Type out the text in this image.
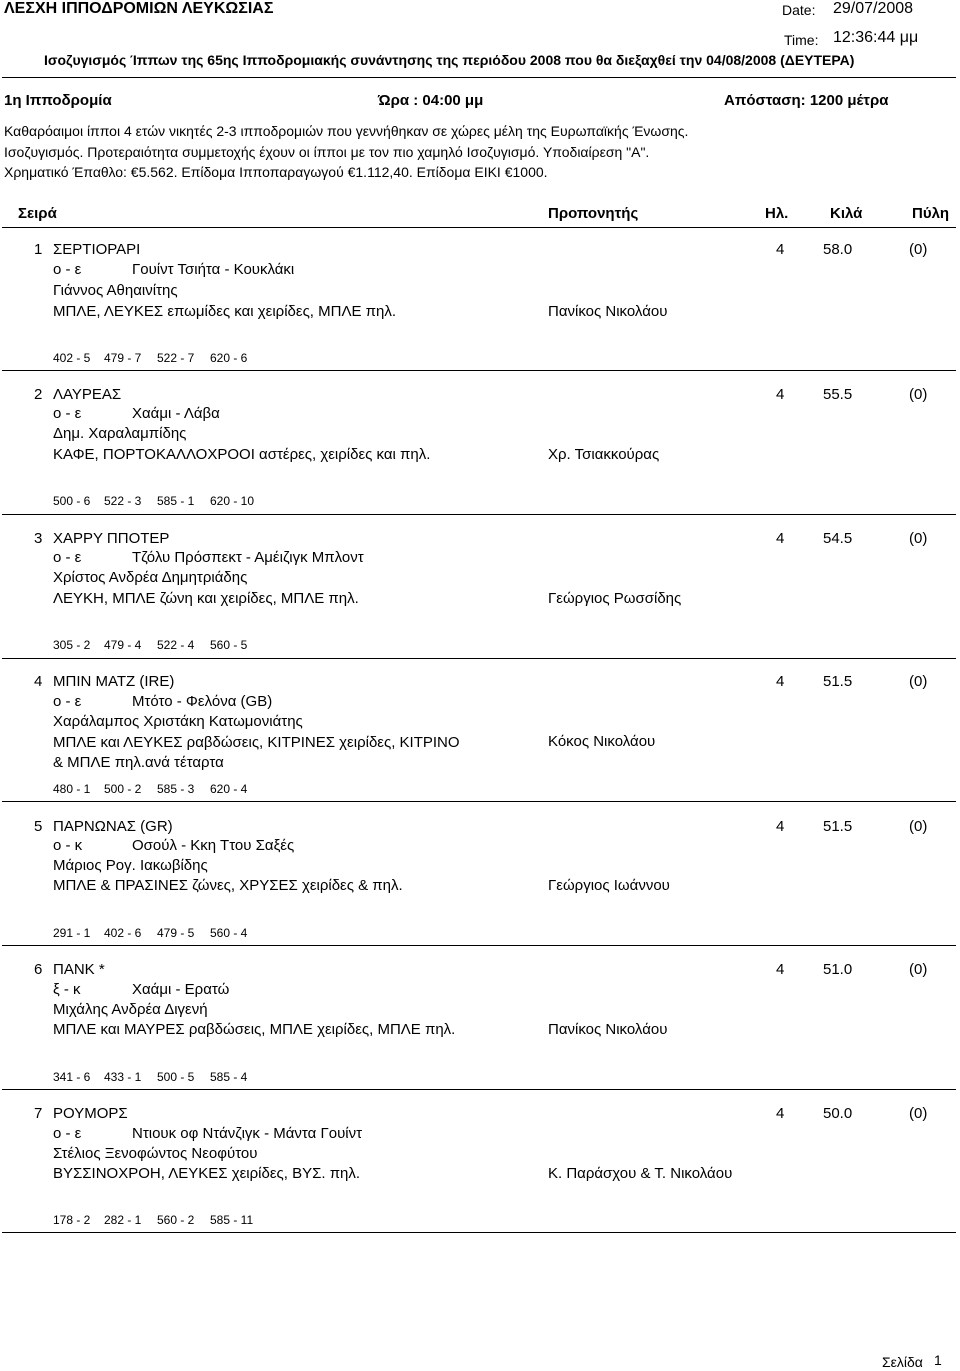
ΛΕΣΧΗ ΙΠΠΟΔΡΟΜΙΩΝ ΛΕΥΚΩΣΙΑΣ	Date: 29/07/2008
Time: 12:36:44 μμ
Ισοζυγισμός Ίππων της 65ης Ιπποδρομιακής συνάντησης της περιόδου 2008 που θα διεξαχθεί την 04/08/2008 (ΔΕΥΤΕΡΑ)
1η Ιπποδρομία	Ώρα : 04:00 μμ	Απόσταση: 1200 μέτρα
Καθαρόαιμοι ίπποι 4 ετών νικητές 2-3 ιπποδρομιών που γεννήθηκαν σε χώρες μέλη της Ευρωπαϊκής Ένωσης.
Ισοζυγισμός. Προτεραιότητα συμμετοχής έχουν οι ίπποι με τον πιο χαμηλό Ισοζυγισμό. Υποδιαίρεση "Α".
Χρηματικό Έπαθλο: €5.562. Επίδομα Ιπποπαραγωγού €1.112,40. Επίδομα ΕΙΚΙ €1000.
Σειρά	Προπονητής	Ηλ.	Κιλά	Πύλη
1 ΣΕΡΤΙΟΡΑΡΙ
ο - ε	Γουίντ Τσιήτα - Κουκλάκι
Γιάννος Αθηαινίτης
ΜΠΛΕ, ΛΕΥΚΕΣ επωμίδες και χειρίδες, ΜΠΛΕ πηλ.	Πανίκος Νικολάου
4	58.0	(0)
402 - 5 479 - 7 522 - 7 620 - 6
2 ΛΑΥΡΕΑΣ
ο - ε	Χαάμι - Λάβα
Δημ. Χαραλαμπίδης
ΚΑΦΕ, ΠΟΡΤΟΚΑΛΛΟΧΡΟΟΙ αστέρες, χειρίδες και πηλ.	Χρ. Τσιακκούρας
4	55.5	(0)
500 - 6 522 - 3 585 - 1 620 - 10
3 ΧΑΡΡΥ ΠΠΟΤΕΡ
ο - ε	Τζόλυ Πρόσπεκτ - Αμέιζιγκ Μπλοντ
Χρίστος Ανδρέα Δημητριάδης
ΛΕΥΚΗ, ΜΠΛΕ ζώνη και χειρίδες, ΜΠΛΕ πηλ.	Γεώργιος Ρωσσίδης
4	54.5	(0)
305 - 2 479 - 4 522 - 4 560 - 5
4 ΜΠΙΝ ΜΑΤΖ (IRE)
ο - ε	Μτότο - Φελόνα (GB)
Χαράλαμπος Χριστάκη Κατωμονιάτης
ΜΠΛΕ και ΛΕΥΚΕΣ ραβδώσεις, ΚΙΤΡΙΝΕΣ χειρίδες, ΚΙΤΡΙΝΟ
& ΜΠΛΕ πηλ.ανά τέταρτα
Κόκος Νικολάου
4	51.5	(0)
480 - 1 500 - 2 585 - 3 620 - 4
5 ΠΑΡΝΩΝΑΣ (GR)
ο - κ	Οσούλ - Κκη Ττου Σαξές
Μάριος Ρογ. Ιακωβίδης
ΜΠΛΕ & ΠΡΑΣΙΝΕΣ ζώνες, ΧΡΥΣΕΣ χειρίδες & πηλ.	Γεώργιος Ιωάννου
4	51.5	(0)
291 - 1 402 - 6 479 - 5 560 - 4
6 ΠΑΝΚ *
ξ - κ	Χαάμι - Ερατώ
Μιχάλης Ανδρέα Διγενή
ΜΠΛΕ και ΜΑΥΡΕΣ ραβδώσεις, ΜΠΛΕ χειρίδες, ΜΠΛΕ πηλ.	Πανίκος Νικολάου
4	51.0	(0)
341 - 6 433 - 1 500 - 5 585 - 4
7 ΡΟΥΜΟΡΣ
ο - ε	Ντιουκ οφ Ντάνζιγκ - Μάντα Γουίντ
Στέλιος Ξενοφώντος Νεοφύτου
ΒΥΣΣΙΝΟΧΡΟΗ, ΛΕΥΚΕΣ χειρίδες, ΒΥΣ. πηλ.	Κ. Παράσχου & Τ. Νικολάου
4	50.0	(0)
178 - 2 282 - 1 560 - 2 585 - 11
Σελίδα 1
